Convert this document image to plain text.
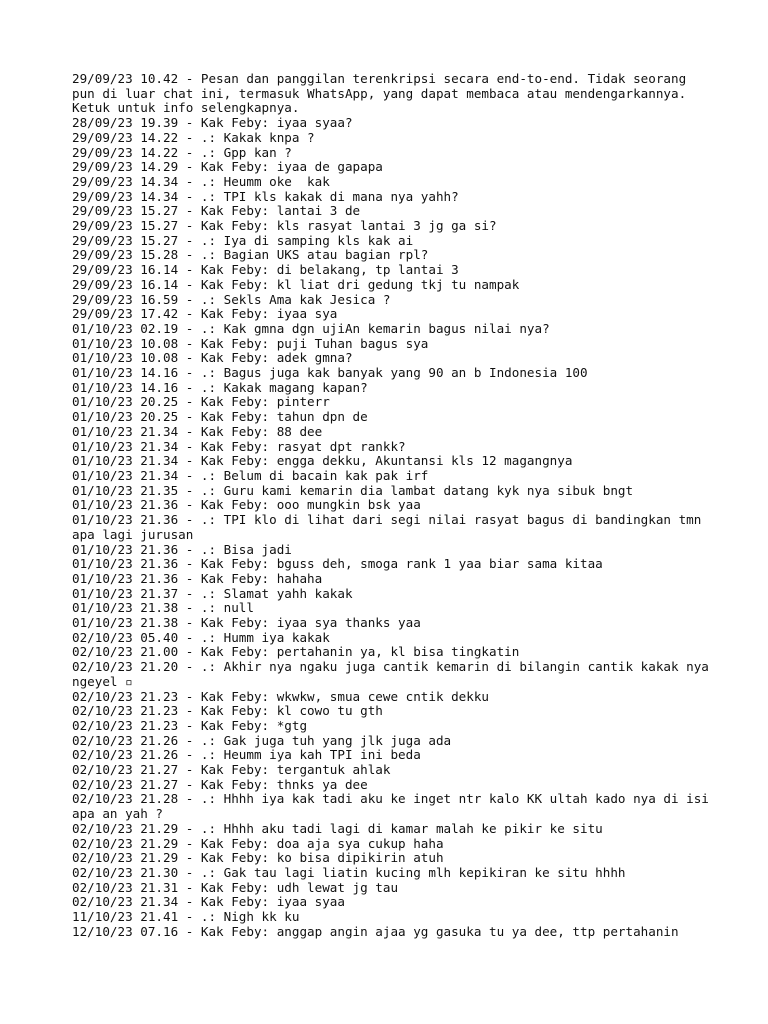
29/09/23 10.42 - Pesan dan panggilan terenkripsi secara end-to-end. Tidak seorang pun di luar chat ini, termasuk WhatsApp, yang dapat membaca atau mendengarkannya. Ketuk untuk info selengkapnya.

28/09/23 19.39 - Kak Feby: iyaa syaa?

29/09/23 14.22 - .: Kakak knpa ?

29/09/23 14.22 - .: Gpp kan ?

29/09/23 14.29 - Kak Feby: iyaa de gapapa

29/09/23 14.34 - .: Heumm oke  kak

29/09/23 14.34 - .: TPI kls kakak di mana nya yahh?

29/09/23 15.27 - Kak Feby: lantai 3 de

29/09/23 15.27 - Kak Feby: kls rasyat lantai 3 jg ga si?

29/09/23 15.27 - .: Iya di samping kls kak ai

29/09/23 15.28 - .: Bagian UKS atau bagian rpl?

29/09/23 16.14 - Kak Feby: di belakang, tp lantai 3

29/09/23 16.14 - Kak Feby: kl liat dri gedung tkj tu nampak

29/09/23 16.59 - .: Sekls Ama kak Jesica ?

29/09/23 17.42 - Kak Feby: iyaa sya

01/10/23 02.19 - .: Kak gmna dgn ujiAn kemarin bagus nilai nya?

01/10/23 10.08 - Kak Feby: puji Tuhan bagus sya

01/10/23 10.08 - Kak Feby: adek gmna?

01/10/23 14.16 - .: Bagus juga kak banyak yang 90 an b Indonesia 100

01/10/23 14.16 - .: Kakak magang kapan?

01/10/23 20.25 - Kak Feby: pinterr

01/10/23 20.25 - Kak Feby: tahun dpn de

01/10/23 21.34 - Kak Feby: 88 dee

01/10/23 21.34 - Kak Feby: rasyat dpt rankk?

01/10/23 21.34 - Kak Feby: engga dekku, Akuntansi kls 12 magangnya

01/10/23 21.34 - .: Belum di bacain kak pak irf

01/10/23 21.35 - .: Guru kami kemarin dia lambat datang kyk nya sibuk bngt

01/10/23 21.36 - Kak Feby: ooo mungkin bsk yaa

01/10/23 21.36 - .: TPI klo di lihat dari segi nilai rasyat bagus di bandingkan tmn apa lagi jurusan

01/10/23 21.36 - .: Bisa jadi

01/10/23 21.36 - Kak Feby: bguss deh, smoga rank 1 yaa biar sama kitaa

01/10/23 21.36 - Kak Feby: hahaha

01/10/23 21.37 - .: Slamat yahh kakak

01/10/23 21.38 - .: null

01/10/23 21.38 - Kak Feby: iyaa sya thanks yaa

02/10/23 05.40 - .: Humm iya kakak

02/10/23 21.00 - Kak Feby: pertahanin ya, kl bisa tingkatin

02/10/23 21.20 - .: Akhir nya ngaku juga cantik kemarin di bilangin cantik kakak nya ngeyel ▫

02/10/23 21.23 - Kak Feby: wkwkw, smua cewe cntik dekku

02/10/23 21.23 - Kak Feby: kl cowo tu gth

02/10/23 21.23 - Kak Feby: *gtg

02/10/23 21.26 - .: Gak juga tuh yang jlk juga ada

02/10/23 21.26 - .: Heumm iya kah TPI ini beda

02/10/23 21.27 - Kak Feby: tergantuk ahlak

02/10/23 21.27 - Kak Feby: thnks ya dee

02/10/23 21.28 - .: Hhhh iya kak tadi aku ke inget ntr kalo KK ultah kado nya di isi apa an yah ?

02/10/23 21.29 - .: Hhhh aku tadi lagi di kamar malah ke pikir ke situ

02/10/23 21.29 - Kak Feby: doa aja sya cukup haha

02/10/23 21.29 - Kak Feby: ko bisa dipikirin atuh

02/10/23 21.30 - .: Gak tau lagi liatin kucing mlh kepikiran ke situ hhhh

02/10/23 21.31 - Kak Feby: udh lewat jg tau

02/10/23 21.34 - Kak Feby: iyaa syaa

11/10/23 21.41 - .: Nigh kk ku

12/10/23 07.16 - Kak Feby: anggap angin ajaa yg gasuka tu ya dee, ttp pertahanin
